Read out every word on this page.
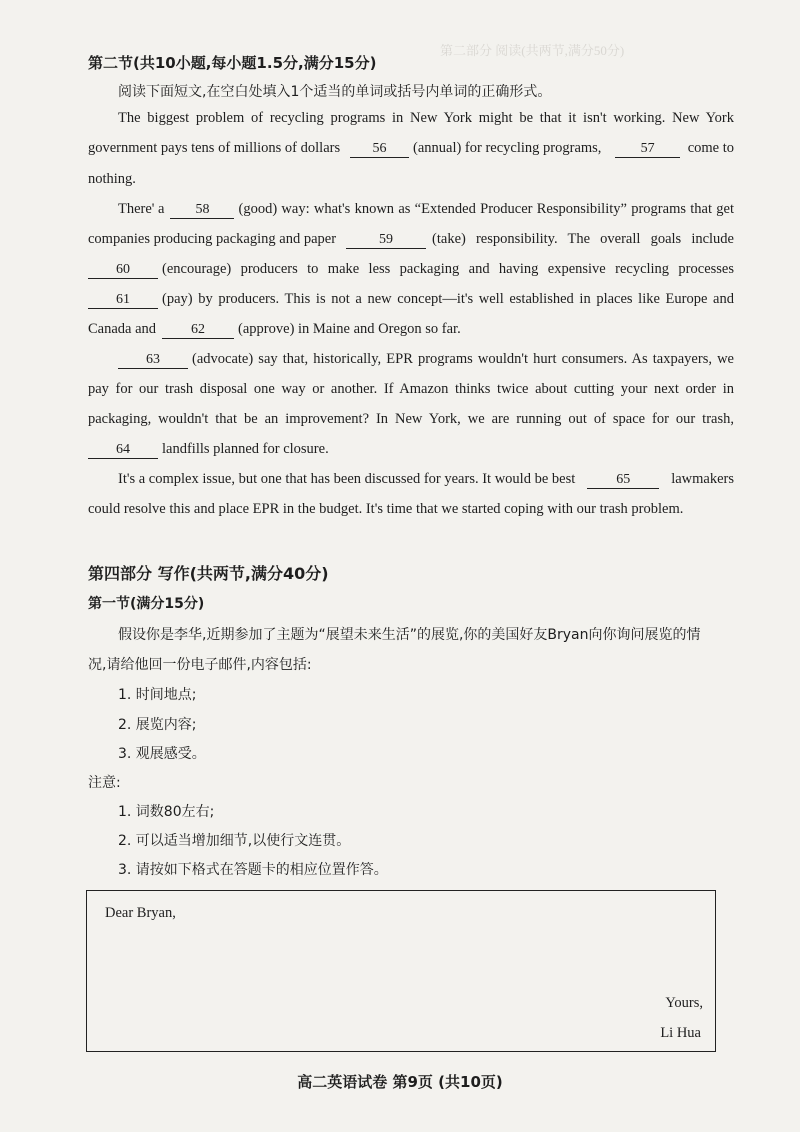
第二部分 阅读(共两节,满分50分)
第二节(共10小题,每小题1.5分,满分15分)
阅读下面短文,在空白处填入1个适当的单词或括号内单词的正确形式。
The biggest problem of recycling programs in New York might be that it isn't working. New York
government pays tens of millions of dollars	56	(annual) for recycling programs,	57	come to
nothing.
There' a	58	(good) way: what's known as “Extended Producer Responsibility” programs that get
companies producing packaging and paper	59	(take) responsibility. The overall goals include
60	(encourage) producers to make less packaging and having expensive recycling processes
61	(pay) by producers. This is not a new concept—it's well established in places like Europe and
Canada and	62	(approve) in Maine and Oregon so far.
63	(advocate) say that, historically, EPR programs wouldn't hurt consumers. As taxpayers, we
pay for our trash disposal one way or another. If Amazon thinks twice about cutting your next order in
packaging, wouldn't that be an improvement? In New York, we are running out of space for our trash,
64	landfills planned for closure.
It's a complex issue, but one that has been discussed for years. It would be best	65	lawmakers
could resolve this and place EPR in the budget. It's time that we started coping with our trash problem.
第四部分 写作(共两节,满分40分)
第一节(满分15分)
假设你是李华,近期参加了主题为“展望未来生活”的展览,你的美国好友Bryan向你询问展览的情
况,请给他回一份电子邮件,内容包括:
1. 时间地点;
2. 展览内容;
3. 观展感受。
注意:
1. 词数80左右;
2. 可以适当增加细节,以使行文连贯。
3. 请按如下格式在答题卡的相应位置作答。
Dear Bryan,
Yours,
Li Hua
高二英语试卷 第9页 (共10页)
